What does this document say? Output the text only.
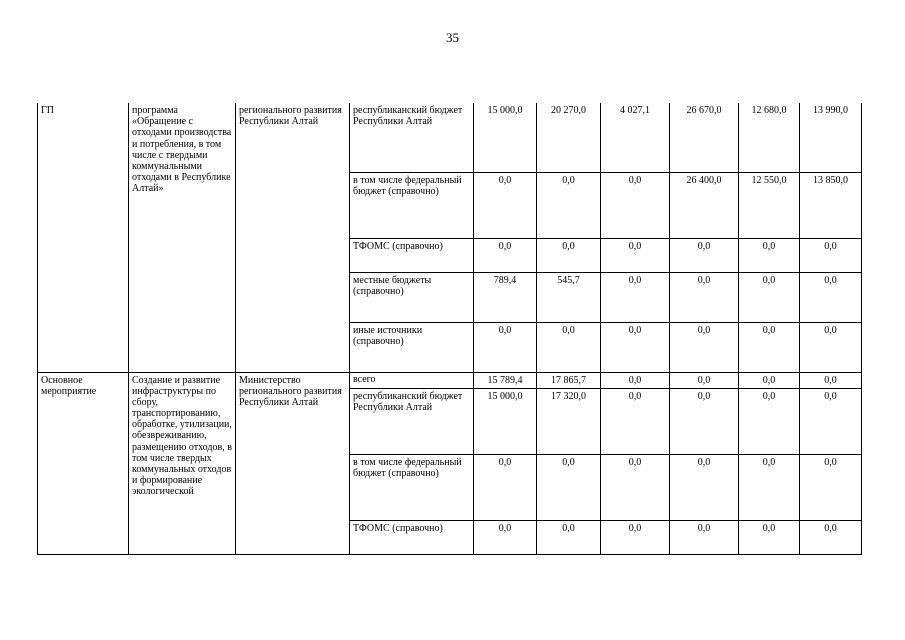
35
ГП	программа «Обращение с отходами производства и потребления, в том числе с твердыми коммунальными отходами в Республике Алтай»	регионального развития Республики Алтай	республиканский бюджет Республики Алтай	15 000,0	20 270,0	4 027,1	26 670,0	12 680,0	13 990,0
			в том числе федеральный бюджет (справочно)	0,0	0,0	0,0	26 400,0	12 550,0	13 850,0
			ТФОМС (справочно)	0,0	0,0	0,0	0,0	0,0	0,0
			местные бюджеты (справочно)	789,4	545,7	0,0	0,0	0,0	0,0
			иные источники (справочно)	0,0	0,0	0,0	0,0	0,0	0,0
Основное мероприятие	Создание и развитие инфраструктуры по сбору, транспортированию, обработке, утилизации, обезвреживанию, размещению отходов, в том числе твердых коммунальных отходов и формирование экологической	Министерство регионального развития Республики Алтай	всего	15 789,4	17 865,7	0,0	0,0	0,0	0,0
			республиканский бюджет Республики Алтай	15 000,0	17 320,0	0,0	0,0	0,0	0,0
			в том числе федеральный бюджет (справочно)	0,0	0,0	0,0	0,0	0,0	0,0
			ТФОМС (справочно)	0,0	0,0	0,0	0,0	0,0	0,0
